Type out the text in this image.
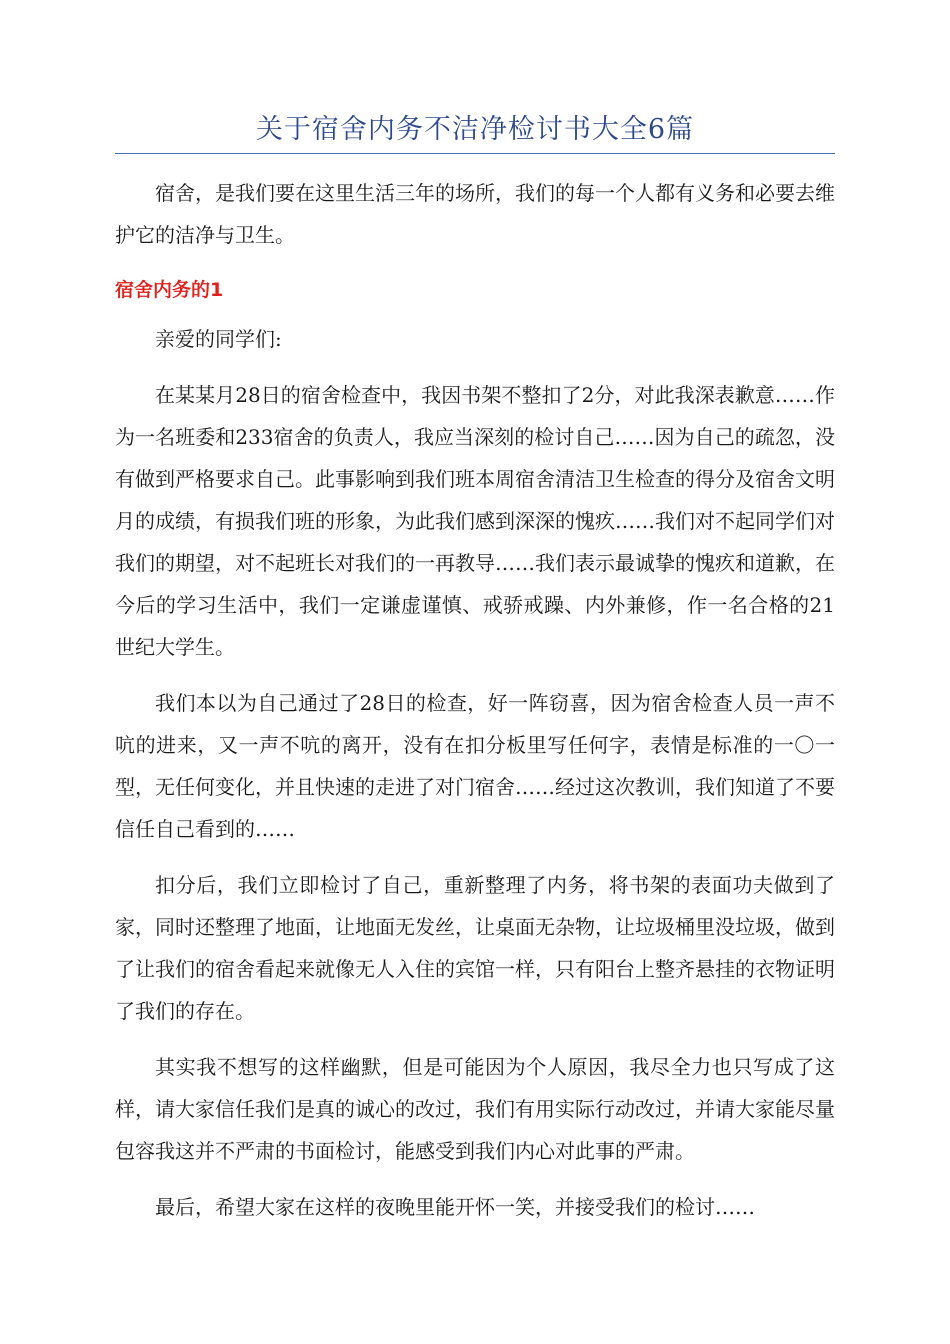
关于宿舍内务不洁净检讨书大全6篇

宿舍，是我们要在这里生活三年的场所，我们的每一个人都有义务和必要去维护它的洁净与卫生。

宿舍内务的1

亲爱的同学们:

在某某月28日的宿舍检查中，我因书架不整扣了2分，对此我深表歉意……作为一名班委和233宿舍的负责人，我应当深刻的检讨自己……因为自己的疏忽，没有做到严格要求自己。此事影响到我们班本周宿舍清洁卫生检查的得分及宿舍文明月的成绩，有损我们班的形象，为此我们感到深深的愧疚……我们对不起同学们对我们的期望，对不起班长对我们的一再教导……我们表示最诚挚的愧疚和道歉，在今后的学习生活中，我们一定谦虚谨慎、戒骄戒躁、内外兼修，作一名合格的21世纪大学生。

我们本以为自己通过了28日的检查，好一阵窃喜，因为宿舍检查人员一声不吭的进来，又一声不吭的离开，没有在扣分板里写任何字，表情是标准的一〇一型，无任何变化，并且快速的走进了对门宿舍……经过这次教训，我们知道了不要信任自己看到的……

扣分后，我们立即检讨了自己，重新整理了内务，将书架的表面功夫做到了家，同时还整理了地面，让地面无发丝，让桌面无杂物，让垃圾桶里没垃圾，做到了让我们的宿舍看起来就像无人入住的宾馆一样，只有阳台上整齐悬挂的衣物证明了我们的存在。

其实我不想写的这样幽默，但是可能因为个人原因，我尽全力也只写成了这样，请大家信任我们是真的诚心的改过，我们有用实际行动改过，并请大家能尽量包容我这并不严肃的书面检讨，能感受到我们内心对此事的严肃。

最后，希望大家在这样的夜晚里能开怀一笑，并接受我们的检讨……
